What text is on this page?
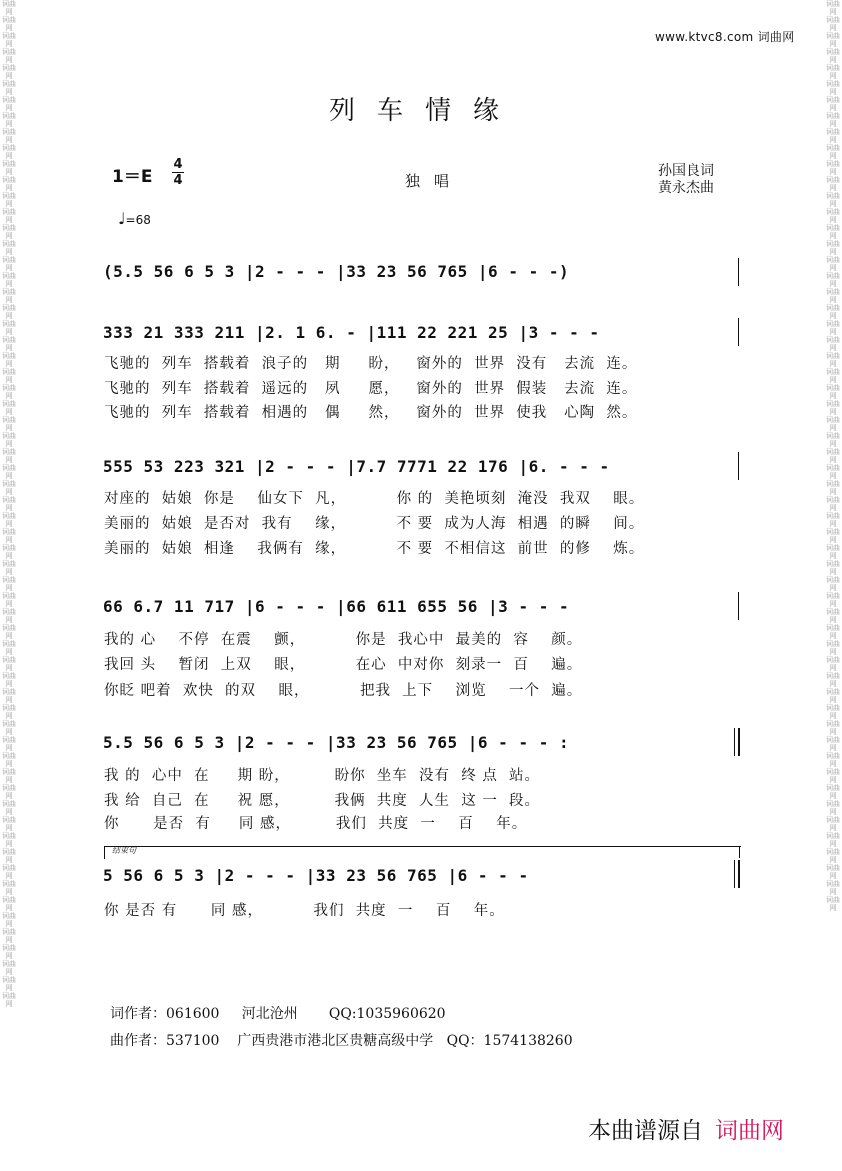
词曲网
词曲网
词曲网
词曲网
词曲网
词曲网
词曲网
词曲网
词曲网
词曲网
词曲网
词曲网
词曲网
词曲网
词曲网
词曲网
词曲网
词曲网
词曲网
词曲网
词曲网
词曲网
词曲网
词曲网
词曲网
词曲网
词曲网
词曲网
词曲网
词曲网
词曲网
词曲网
词曲网
词曲网
词曲网
词曲网
词曲网
词曲网
词曲网
词曲网
词曲网
词曲网
词曲网
词曲网
词曲网
词曲网
词曲网
词曲网
词曲网
词曲网
词曲网
词曲网
词曲网
词曲网
词曲网
词曲网
词曲网
词曲网
词曲网
词曲网
词曲网
词曲网
词曲网
词曲网
词曲网
词曲网
词曲网
词曲网
词曲网
词曲网
词曲网
词曲网
词曲网
词曲网
词曲网
词曲网
词曲网
词曲网
词曲网
词曲网
词曲网
词曲网
词曲网
词曲网
词曲网
词曲网
词曲网
词曲网
词曲网
词曲网
词曲网
词曲网
词曲网
词曲网
词曲网
词曲网
词曲网
词曲网
词曲网
词曲网
词曲网
词曲网
词曲网
词曲网
词曲网
词曲网
词曲网
词曲网
词曲网
词曲网
词曲网
词曲网
词曲网
词曲网
词曲网
词曲网
词曲网
词曲网
词曲网
词曲网
www.ktvc8.com 词曲网
列车情缘
1＝E
4
4	独唱
孙国良词
黄永杰曲
♩=68
(5.5 56 6 5 3 |2 - - - |33 23 56 765 |6 - - -)
333 21 333 211 |2. 1 6. - |111 22 221 25 |3 - - -
飞驰的  列车  搭载着  浪子的   期     盼，   窗外的  世界  没有   去流  连。
飞驰的  列车  搭载着  遥远的   夙     愿，   窗外的  世界  假装   去流  连。
飞驰的  列车  搭载着  相遇的   偶     然，   窗外的  世界  使我   心陶  然。
555 53 223 321 |2 - - - |7.7 7771 22 176 |6. - - -
对座的  姑娘  你是    仙女下  凡，         你 的  美艳顷刻  淹没  我双    眼。
美丽的  姑娘  是否对  我有    缘，         不 要  成为人海  相遇  的瞬    间。
美丽的  姑娘  相逢    我俩有  缘，         不 要  不相信这  前世  的修    炼。
66 6.7 11 717 |6 - - - |66 611 655 56 |3 - - -
我的 心    不停  在震    颤，         你是  我心中  最美的  容    颜。
我回 头    暂闭  上双    眼，         在心  中对你  刻录一  百    遍。
你眨 吧着  欢快  的双    眼，         把我  上下    浏览    一个  遍。
5.5 56 6 5 3 |2 - - - |33 23 56 765 |6 - - - :
我 的  心中  在     期 盼，        盼你  坐车  没有  终 点  站。
我 给  自己  在     祝 愿，        我俩  共度  人生  这 一  段。
你      是否  有     同 感，        我们  共度  一    百    年。
结束句
5 56 6 5 3 |2 - - - |33 23 56 765 |6 - - -
你 是否 有      同 感，         我们  共度  一    百    年。
词作者：061600     河北沧州       QQ:1035960620
曲作者：537100    广西贵港市港北区贵糖高级中学   QQ：1574138260
本曲谱源自 词曲网
